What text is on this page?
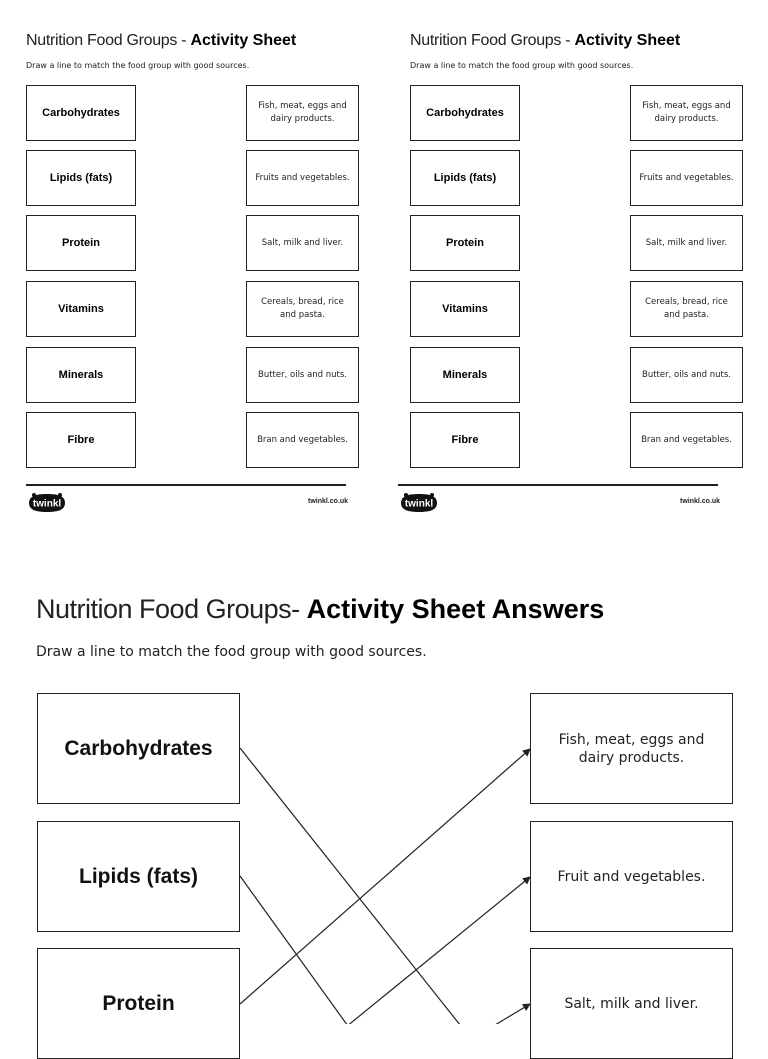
Nutrition Food Groups - Activity Sheet
Draw a line to match the food group with good sources.
Carbohydrates
Lipids (fats)
Protein
Vitamins
Minerals
Fibre
Fish, meat, eggs and dairy products.
Fruits and vegetables.
Salt, milk and liver.
Cereals, bread, rice and pasta.
Butter, oils and nuts.
Bran and vegetables.
twinkl	twinkl.co.uk
Nutrition Food Groups - Activity Sheet
Draw a line to match the food group with good sources.
Carbohydrates
Lipids (fats)
Protein
Vitamins
Minerals
Fibre
Fish, meat, eggs and dairy products.
Fruits and vegetables.
Salt, milk and liver.
Cereals, bread, rice and pasta.
Butter, oils and nuts.
Bran and vegetables.
twinkl	twinkl.co.uk
Nutrition Food Groups- Activity Sheet Answers
Draw a line to match the food group with good sources.
Carbohydrates
Lipids (fats)
Protein
Fish, meat, eggs and dairy products.
Fruit and vegetables.
Salt, milk and liver.
